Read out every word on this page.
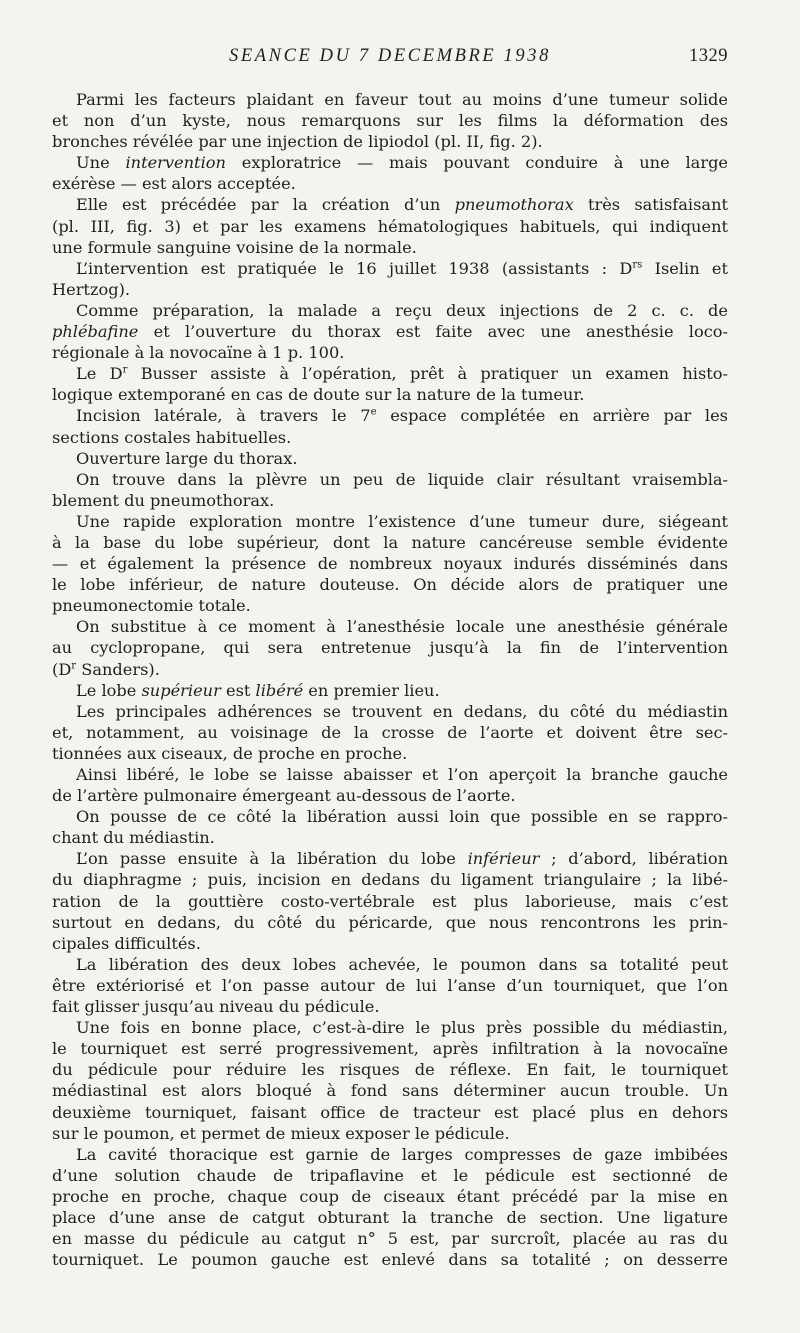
SEANCE DU 7 DECEMBRE 1938	1329
Parmi les facteurs plaidant en faveur tout au moins d’une tumeur solide
et non d’un kyste, nous remarquons sur les films la déformation des
bronches révélée par une injection de lipiodol (pl. II, fig. 2).
Une intervention exploratrice — mais pouvant conduire à une large
exérèse — est alors acceptée.
Elle est précédée par la création d’un pneumothorax très satisfaisant
(pl. III, fig. 3) et par les examens hématologiques habituels, qui indiquent
une formule sanguine voisine de la normale.
L’intervention est pratiquée le 16 juillet 1938 (assistants : $D^{rs}$ Iselin et
Hertzog).
Comme préparation, la malade a reçu deux injections de 2 c. c. de
phlébafine et l’ouverture du thorax est faite avec une anesthésie loco-
régionale à la novocaïne à 1 p. 100.
Le $D^r$ Busser assiste à l’opération, prêt à pratiquer un examen histo-
logique extemporané en cas de doute sur la nature de la tumeur.
Incision latérale, à travers le 7e espace complétée en arrière par les
sections costales habituelles.
Ouverture large du thorax.
On trouve dans la plèvre un peu de liquide clair résultant vraisembla-
blement du pneumothorax.
Une rapide exploration montre l’existence d’une tumeur dure, siégeant
à la base du lobe supérieur, dont la nature cancéreuse semble évidente
— et également la présence de nombreux noyaux indurés disséminés dans
le lobe inférieur, de nature douteuse. On décide alors de pratiquer une
pneumonectomie totale.
On substitue à ce moment à l’anesthésie locale une anesthésie générale
au cyclopropane, qui sera entretenue jusqu’à la fin de l’intervention
($D^r$ Sanders).
Le lobe supérieur est libéré en premier lieu.
Les principales adhérences se trouvent en dedans, du côté du médiastin
et, notamment, au voisinage de la crosse de l’aorte et doivent être sec-
tionnées aux ciseaux, de proche en proche.
Ainsi libéré, le lobe se laisse abaisser et l’on aperçoit la branche gauche
de l’artère pulmonaire émergeant au-dessous de l’aorte.
On pousse de ce côté la libération aussi loin que possible en se rappro-
chant du médiastin.
L’on passe ensuite à la libération du lobe inférieur ; d’abord, libération
du diaphragme ; puis, incision en dedans du ligament triangulaire ; la libé-
ration de la gouttière costo-vertébrale est plus laborieuse, mais c’est
surtout en dedans, du côté du péricarde, que nous rencontrons les prin-
cipales difficultés.
La libération des deux lobes achevée, le poumon dans sa totalité peut
être extériorisé et l’on passe autour de lui l’anse d’un tourniquet, que l’on
fait glisser jusqu’au niveau du pédicule.
Une fois en bonne place, c’est-à-dire le plus près possible du médiastin,
le tourniquet est serré progressivement, après infiltration à la novocaïne
du pédicule pour réduire les risques de réflexe. En fait, le tourniquet
médiastinal est alors bloqué à fond sans déterminer aucun trouble. Un
deuxième tourniquet, faisant office de tracteur est placé plus en dehors
sur le poumon, et permet de mieux exposer le pédicule.
La cavité thoracique est garnie de larges compresses de gaze imbibées
d’une solution chaude de tripaflavine et le pédicule est sectionné de
proche en proche, chaque coup de ciseaux étant précédé par la mise en
place d’une anse de catgut obturant la tranche de section. Une ligature
en masse du pédicule au catgut n° 5 est, par surcroît, placée au ras du
tourniquet. Le poumon gauche est enlevé dans sa totalité ; on desserre
